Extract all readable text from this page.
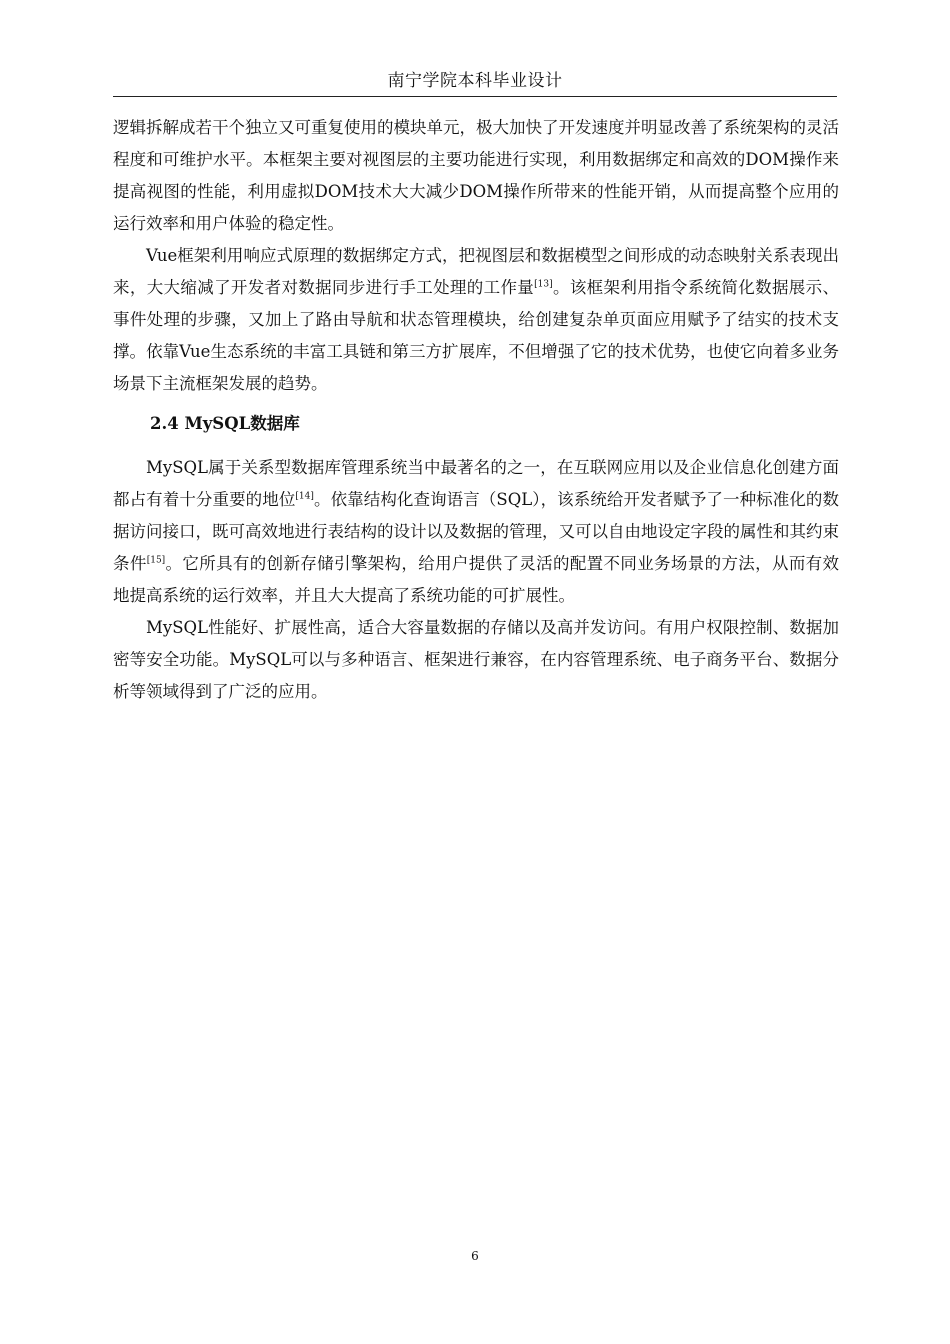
南宁学院本科毕业设计

逻辑拆解成若干个独立又可重复使用的模块单元，极大加快了开发速度并明显改善了系统架构的灵活程度和可维护水平。本框架主要对视图层的主要功能进行实现，利用数据绑定和高效的DOM操作来提高视图的性能，利用虚拟DOM技术大大减少DOM操作所带来的性能开销，从而提高整个应用的运行效率和用户体验的稳定性。

Vue框架利用响应式原理的数据绑定方式，把视图层和数据模型之间形成的动态映射关系表现出来，大大缩减了开发者对数据同步进行手工处理的工作量[13]。该框架利用指令系统简化数据展示、事件处理的步骤，又加上了路由导航和状态管理模块，给创建复杂单页面应用赋予了结实的技术支撑。依靠Vue生态系统的丰富工具链和第三方扩展库，不但增强了它的技术优势，也使它向着多业务场景下主流框架发展的趋势。

2.4 MySQL数据库

MySQL属于关系型数据库管理系统当中最著名的之一，在互联网应用以及企业信息化创建方面都占有着十分重要的地位[14]。依靠结构化查询语言（SQL），该系统给开发者赋予了一种标准化的数据访问接口，既可高效地进行表结构的设计以及数据的管理，又可以自由地设定字段的属性和其约束条件[15]。它所具有的创新存储引擎架构，给用户提供了灵活的配置不同业务场景的方法，从而有效地提高系统的运行效率，并且大大提高了系统功能的可扩展性。

MySQL性能好、扩展性高，适合大容量数据的存储以及高并发访问。有用户权限控制、数据加密等安全功能。MySQL可以与多种语言、框架进行兼容，在内容管理系统、电子商务平台、数据分析等领域得到了广泛的应用。

6
